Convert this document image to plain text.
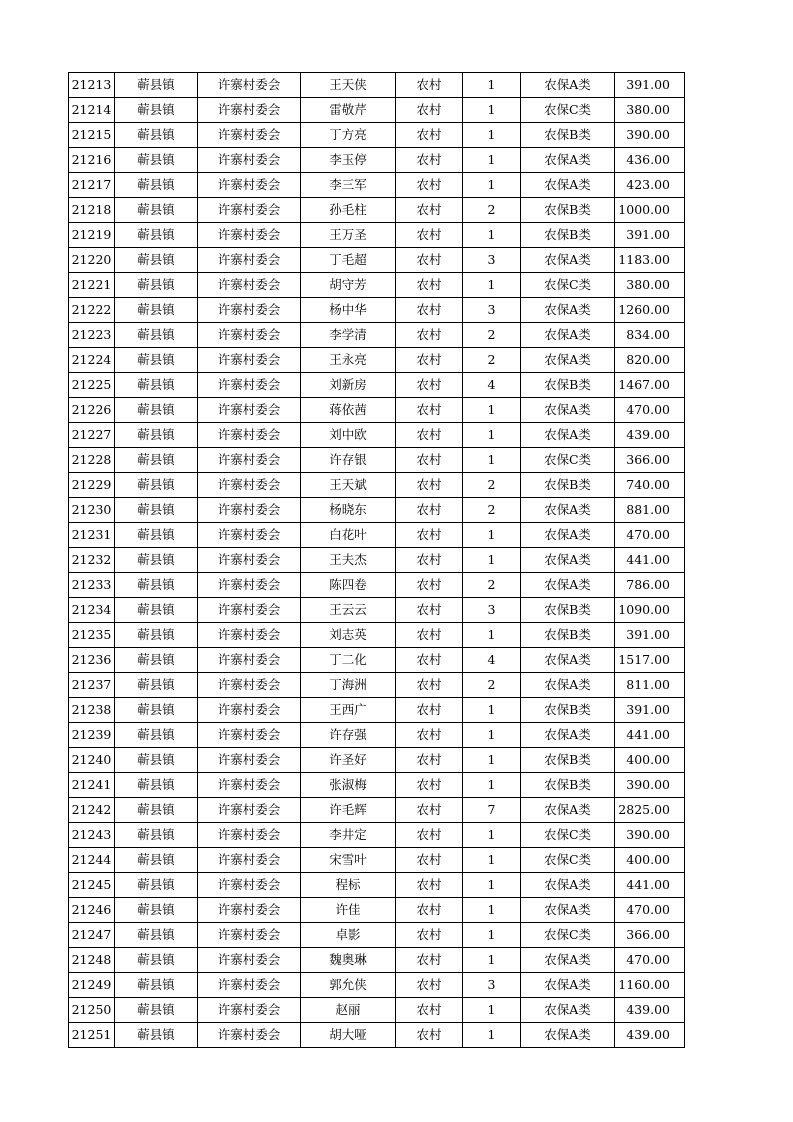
21213	蕲县镇	许寨村委会	王天侠	农村	1	农保A类	391.00
21214	蕲县镇	许寨村委会	雷敬芹	农村	1	农保C类	380.00
21215	蕲县镇	许寨村委会	丁方亮	农村	1	农保B类	390.00
21216	蕲县镇	许寨村委会	李玉停	农村	1	农保A类	436.00
21217	蕲县镇	许寨村委会	李三军	农村	1	农保A类	423.00
21218	蕲县镇	许寨村委会	孙毛柱	农村	2	农保B类	1000.00
21219	蕲县镇	许寨村委会	王万圣	农村	1	农保B类	391.00
21220	蕲县镇	许寨村委会	丁毛超	农村	3	农保A类	1183.00
21221	蕲县镇	许寨村委会	胡守芳	农村	1	农保C类	380.00
21222	蕲县镇	许寨村委会	杨中华	农村	3	农保A类	1260.00
21223	蕲县镇	许寨村委会	李学清	农村	2	农保A类	834.00
21224	蕲县镇	许寨村委会	王永亮	农村	2	农保A类	820.00
21225	蕲县镇	许寨村委会	刘新房	农村	4	农保B类	1467.00
21226	蕲县镇	许寨村委会	蒋依茜	农村	1	农保A类	470.00
21227	蕲县镇	许寨村委会	刘中欧	农村	1	农保A类	439.00
21228	蕲县镇	许寨村委会	许存银	农村	1	农保C类	366.00
21229	蕲县镇	许寨村委会	王天斌	农村	2	农保B类	740.00
21230	蕲县镇	许寨村委会	杨晓东	农村	2	农保A类	881.00
21231	蕲县镇	许寨村委会	白花叶	农村	1	农保A类	470.00
21232	蕲县镇	许寨村委会	王夫杰	农村	1	农保A类	441.00
21233	蕲县镇	许寨村委会	陈四卷	农村	2	农保A类	786.00
21234	蕲县镇	许寨村委会	王云云	农村	3	农保B类	1090.00
21235	蕲县镇	许寨村委会	刘志英	农村	1	农保B类	391.00
21236	蕲县镇	许寨村委会	丁二化	农村	4	农保A类	1517.00
21237	蕲县镇	许寨村委会	丁海洲	农村	2	农保A类	811.00
21238	蕲县镇	许寨村委会	王西广	农村	1	农保B类	391.00
21239	蕲县镇	许寨村委会	许存强	农村	1	农保A类	441.00
21240	蕲县镇	许寨村委会	许圣好	农村	1	农保B类	400.00
21241	蕲县镇	许寨村委会	张淑梅	农村	1	农保B类	390.00
21242	蕲县镇	许寨村委会	许毛辉	农村	7	农保A类	2825.00
21243	蕲县镇	许寨村委会	李井定	农村	1	农保C类	390.00
21244	蕲县镇	许寨村委会	宋雪叶	农村	1	农保C类	400.00
21245	蕲县镇	许寨村委会	程标	农村	1	农保A类	441.00
21246	蕲县镇	许寨村委会	许佳	农村	1	农保A类	470.00
21247	蕲县镇	许寨村委会	卓影	农村	1	农保C类	366.00
21248	蕲县镇	许寨村委会	魏奥琳	农村	1	农保A类	470.00
21249	蕲县镇	许寨村委会	郭允侠	农村	3	农保A类	1160.00
21250	蕲县镇	许寨村委会	赵丽	农村	1	农保A类	439.00
21251	蕲县镇	许寨村委会	胡大哑	农村	1	农保A类	439.00
